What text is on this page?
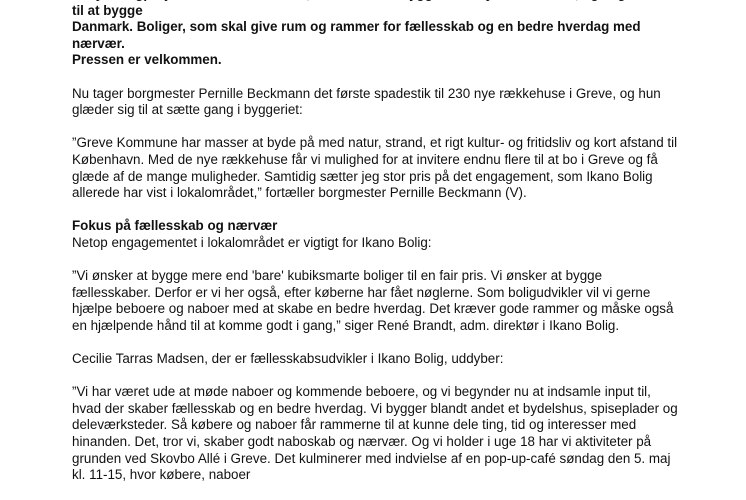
til at bygge

Danmark. Boliger, som skal give rum og rammer for fællesskab og en bedre hverdag med nærvær.

Pressen er velkommen.

Nu tager borgmester Pernille Beckmann det første spadestik til 230 nye rækkehuse i Greve, og hun glæder sig til at sætte gang i byggeriet:

”Greve Kommune har masser at byde på med natur, strand, et rigt kultur- og fritidsliv og kort afstand til København. Med de nye rækkehuse får vi mulighed for at invitere endnu flere til at bo i Greve og få glæde af de mange muligheder. Samtidig sætter jeg stor pris på det engagement, som Ikano Bolig allerede har vist i lokalområdet,” fortæller borgmester Pernille Beckmann (V).

Fokus på fællesskab og nærvær

Netop engagementet i lokalområdet er vigtigt for Ikano Bolig:

”Vi ønsker at bygge mere end 'bare' kubiksmarte boliger til en fair pris. Vi ønsker at bygge fællesskaber. Derfor er vi her også, efter køberne har fået nøglerne. Som boligudvikler vil vi gerne hjælpe beboere og naboer med at skabe en bedre hverdag. Det kræver gode rammer og måske også en hjælpende hånd til at komme godt i gang,” siger René Brandt, adm. direktør i Ikano Bolig.

Cecilie Tarras Madsen, der er fællesskabsudvikler i Ikano Bolig, uddyber:

”Vi har været ude at møde naboer og kommende beboere, og vi begynder nu at indsamle input til, hvad der skaber fællesskab og en bedre hverdag. Vi bygger blandt andet et bydelshus, spiseplader og deleværksteder. Så købere og naboer får rammerne til at kunne dele ting, tid og interesser med hinanden. Det, tror vi, skaber godt naboskab og nærvær. Og vi holder i uge 18 har vi aktiviteter på grunden ved Skovbo Allé i Greve. Det kulminerer med indvielse af en pop-up-café søndag den 5. maj kl. 11-15, hvor købere, naboer
